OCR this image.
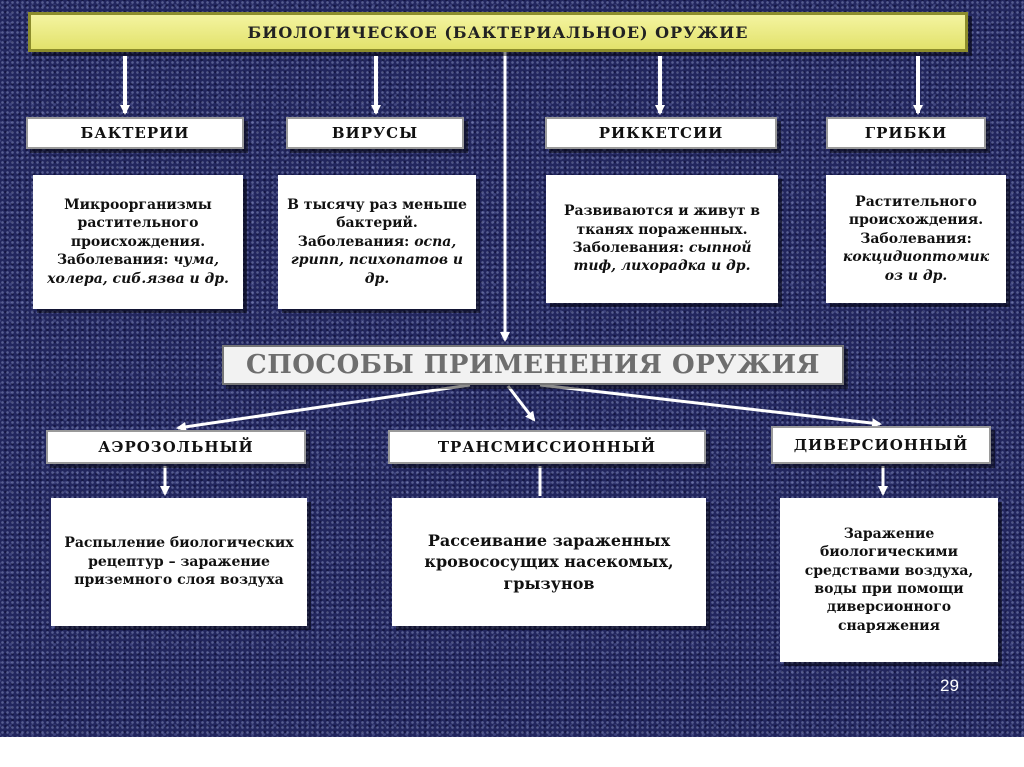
БИОЛОГИЧЕСКОЕ (БАКТЕРИАЛЬНОЕ) ОРУЖИЕ
БАКТЕРИИ	ВИРУСЫ	РИККЕТСИИ	ГРИБКИ
Микроорганизмы растительного происхождения. Заболевания: чума, холера, сиб.язва и др.
В тысячу раз меньше бактерий. Заболевания: оспа, грипп, психопатов и др.
Развиваются и живут в тканях пораженных. Заболевания: сыпной тиф, лихорадка и др.
Растительного происхождения. Заболевания: кокцидиоптомик оз и др.
СПОСОБЫ ПРИМЕНЕНИЯ ОРУЖИЯ
АЭРОЗОЛЬНЫЙ	ТРАНСМИССИОННЫЙ	ДИВЕРСИОННЫЙ
Распыление биологических рецептур – заражение приземного слоя воздуха
Рассеивание зараженных кровососущих насекомых, грызунов
Заражение биологическими средствами воздуха, воды при помощи диверсионного снаряжения
29
